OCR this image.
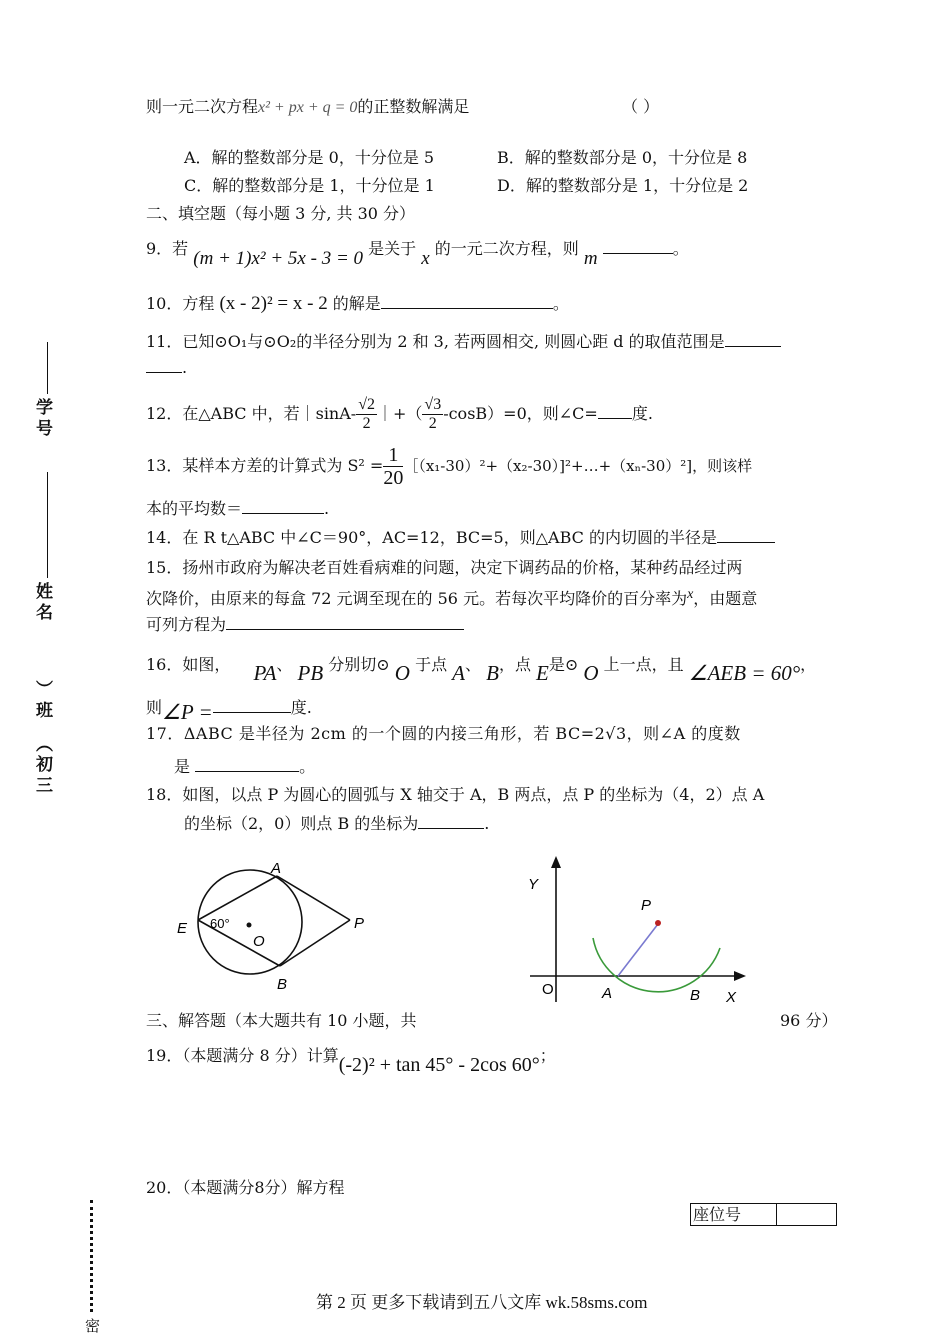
则一元二次方程x² + px + q = 0的正整数解满足	（ ）
A．解的整数部分是 0，十分位是 5	B．解的整数部分是 0，十分位是 8
C．解的整数部分是 1，十分位是 1	D．解的整数部分是 1，十分位是 2
二、填空题（每小题 3 分, 共 30 分）
9．若 (m + 1)x² + 5x - 3 = 0 是关于 x 的一元二次方程，则 m	。
10．方程 (x - 2)² = x - 2 的解是	。
11．已知⊙O₁与⊙O₂的半径分别为 2 和 3, 若两圆相交, 则圆心距 d 的取值范围是
.
12．在△ABC 中，若｜sinA- $\frac{√2}{2}$ ｜+（ $\frac{√3}{2} -\cos B)=0$，则∠C= 度.
13．某样本方差的计算式为 $S^2 = \frac{1}{20}$ ［（x₁-30）²+（x₂-30）]²+…+（xₙ-30）²]，则该样
本的平均数＝	.
14．在 R t△ABC 中∠C＝90°，AC=12，BC=5，则△ABC 的内切圆的半径是
15．扬州市政府为解决老百姓看病难的问题，决定下调药品的价格，某种药品经过两
次降价，由原来的每盒 72 元调至现在的 56 元。若每次平均降价的百分率为x，由题意
可列方程为
16．如图， PA、 PB 分别切⊙ O 于点 A、 B，点 E是⊙ O 上一点，且 ∠AEB = 60°，
则∠P =	度.
17．ΔABC 是半径为 2cm 的一个圆的内接三角形，若 BC=2√3，则∠A 的度数
是	。
18．如图，以点 P 为圆心的圆弧与 X 轴交于 A，B 两点，点 P 的坐标为（4，2）点 A
的坐标（2，0）则点 B 的坐标为	.
A
B
E
O
P
60°
Y
X
O	A	B
P
三、解答题（本大题共有 10 小题，共	96 分）
19．（本题满分 8 分）计算(-2)² + tan 45° - 2cos 60°；
20．（本题满分8分）解方程
座位号
第 2 页 更多下载请到五八文库 wk.58sms.com
学号
姓名
）班
（
初三
密
